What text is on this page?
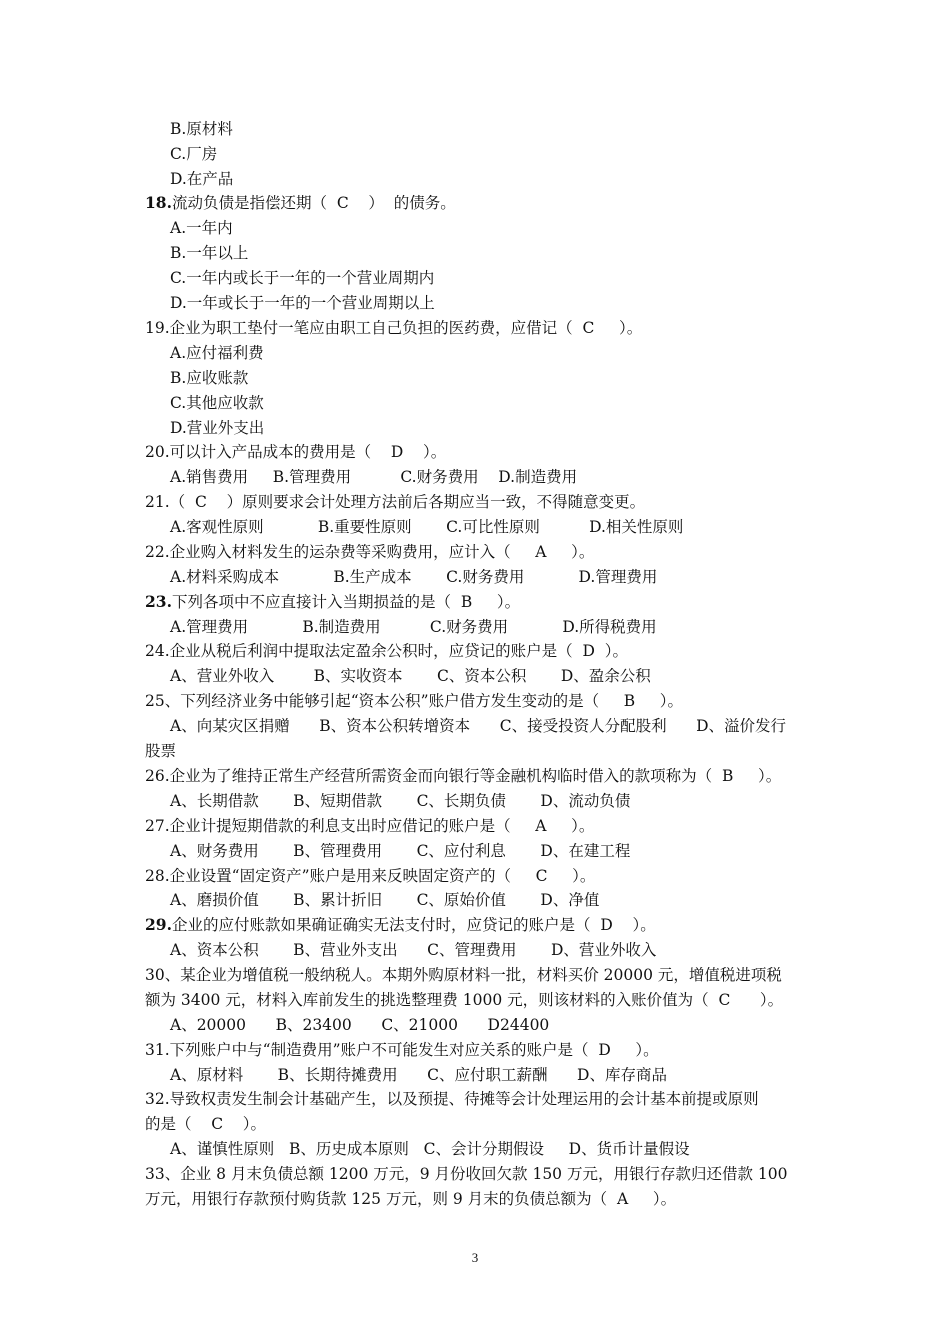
B.原材料
C.厂房
D.在产品
18.流动负债是指偿还期（  C    ）  的债务。
A.一年内
B.一年以上
C.一年内或长于一年的一个营业周期内
D.一年或长于一年的一个营业周期以上
19.企业为职工垫付一笔应由职工自己负担的医药费，应借记（  C     ）。
A.应付福利费
B.应收账款
C.其他应收款
D.营业外支出
20.可以计入产品成本的费用是（    D    ）。
A.销售费用     B.管理费用          C.财务费用    D.制造费用
21.（  C    ）原则要求会计处理方法前后各期应当一致，不得随意变更。
A.客观性原则           B.重要性原则       C.可比性原则          D.相关性原则
22.企业购入材料发生的运杂费等采购费用，应计入（     A     ）。
A.材料采购成本           B.生产成本       C.财务费用           D.管理费用
23.下列各项中不应直接计入当期损益的是（  B     ）。
A.管理费用           B.制造费用          C.财务费用           D.所得税费用
24.企业从税后利润中提取法定盈余公积时，应贷记的账户是（  D  ）。
A、营业外收入        B、实收资本       C、资本公积       D、盈余公积
25、下列经济业务中能够引起“资本公积”账户借方发生变动的是（     B     ）。
A、向某灾区捐赠      B、资本公积转增资本      C、接受投资人分配股利      D、溢价发行
股票
26.企业为了维持正常生产经营所需资金而向银行等金融机构临时借入的款项称为（  B     ）。
A、长期借款       B、短期借款       C、长期负债       D、流动负债
27.企业计提短期借款的利息支出时应借记的账户是（     A     ）。
A、财务费用       B、管理费用       C、应付利息       D、在建工程
28.企业设置“固定资产”账户是用来反映固定资产的（     C     ）。
A、磨损价值       B、累计折旧       C、原始价值       D、净值
29.企业的应付账款如果确证确实无法支付时，应贷记的账户是（  D    ）。
A、资本公积       B、营业外支出      C、管理费用       D、营业外收入
30、某企业为增值税一般纳税人。本期外购原材料一批，材料买价 20000 元，增值税进项税
额为 3400 元，材料入库前发生的挑选整理费 1000 元，则该材料的入账价值为（  C      ）。
A、20000      B、23400      C、21000      D24400
31.下列账户中与“制造费用”账户不可能发生对应关系的账户是（  D     ）。
A、原材料       B、长期待摊费用      C、应付职工薪酬      D、库存商品
32.导致权责发生制会计基础产生，以及预提、待摊等会计处理运用的会计基本前提或原则
的是（    C    ）。
A、谨慎性原则   B、历史成本原则   C、会计分期假设     D、货币计量假设
33、企业 8 月末负债总额 1200 万元，9 月份收回欠款 150 万元，用银行存款归还借款 100
万元，用银行存款预付购货款 125 万元，则 9 月末的负债总额为（  A     ）。
3
